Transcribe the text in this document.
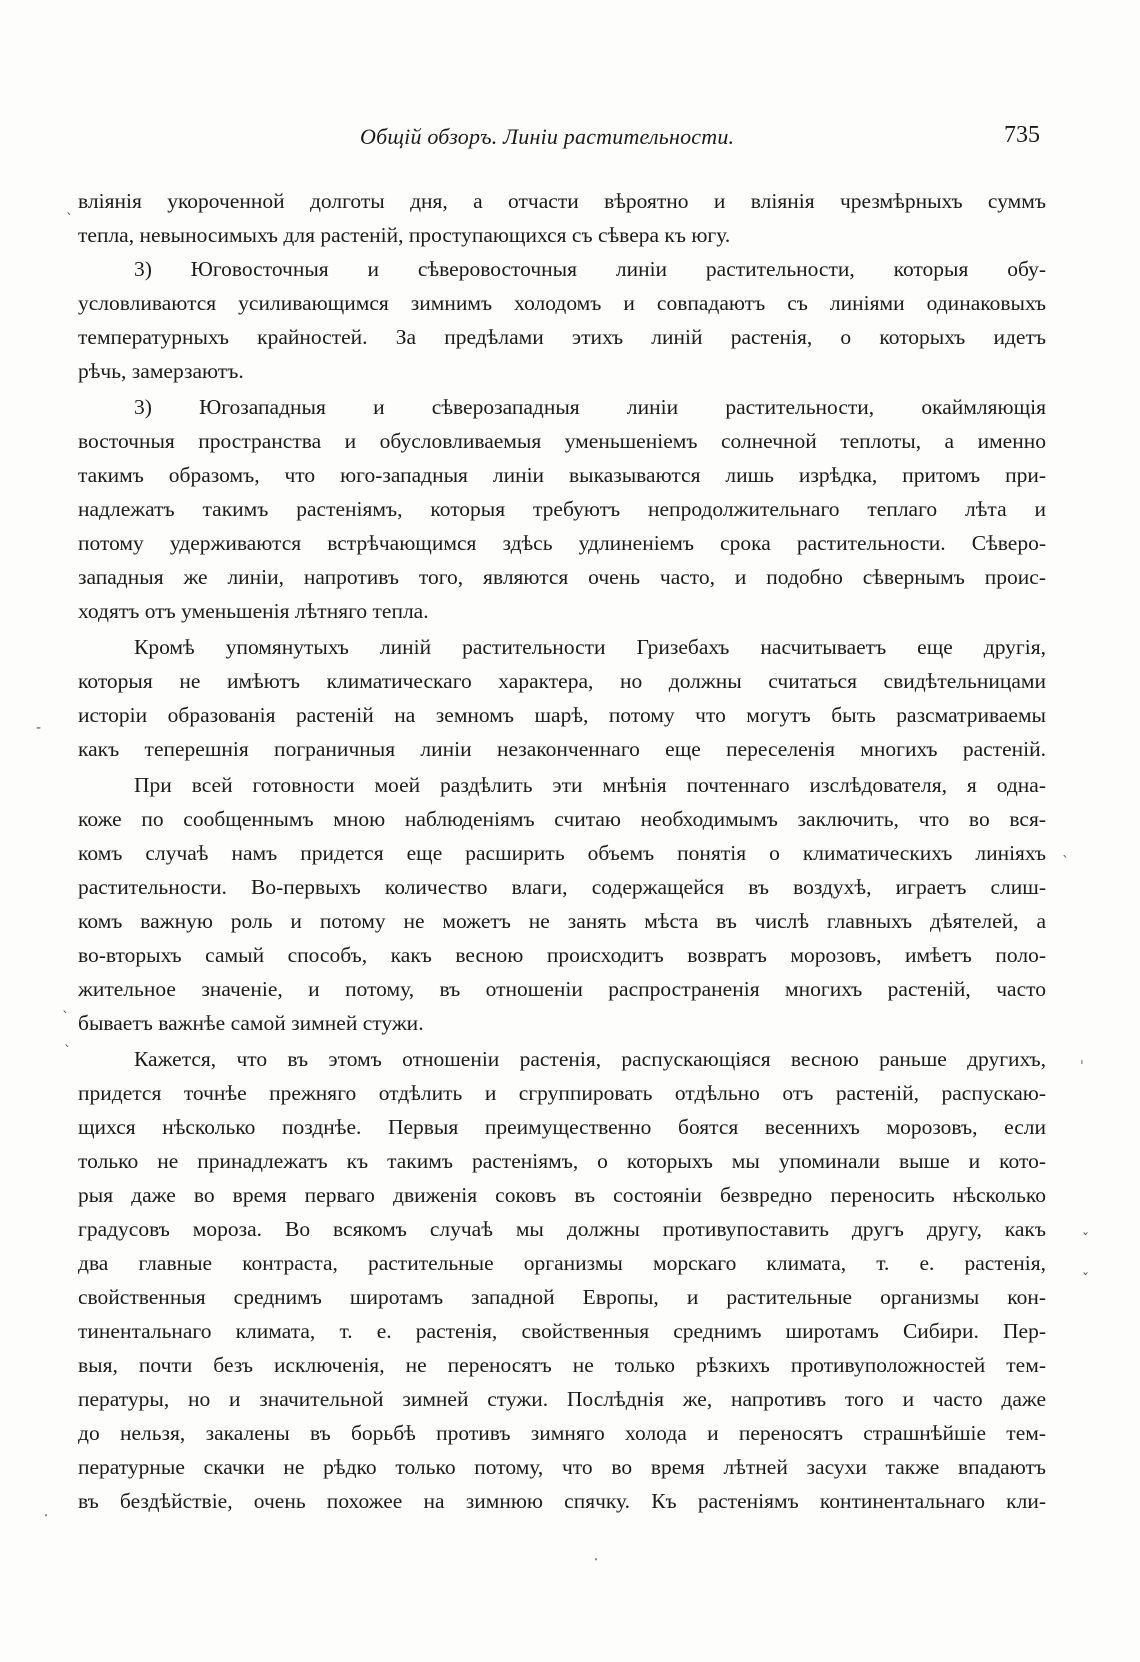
Общій обзоръ. Линіи растительности.	735
вліянія укороченной долготы дня, а отчасти вѣроятно и вліянія чрезмѣрныхъ суммъ
тепла, невыносимыхъ для растеній, проступающихся съ сѣвера къ югу.
3) Юговосточныя и сѣверовосточныя линіи растительности, которыя обу-
условливаются усиливающимся зимнимъ холодомъ и совпадаютъ съ линіями одинаковыхъ
температурныхъ крайностей. За предѣлами этихъ линій растенія, о которыхъ идетъ
рѣчь, замерзаютъ.
3) Югозападныя и сѣверозападныя линіи растительности, окаймляющія
восточныя пространства и обусловливаемыя уменьшеніемъ солнечной теплоты, а именно
такимъ образомъ, что юго-западныя линіи выказываются лишь изрѣдка, притомъ при-
надлежатъ такимъ растеніямъ, которыя требуютъ непродолжительнаго теплаго лѣта и
потому удерживаются встрѣчающимся здѣсь удлиненіемъ срока растительности. Сѣверо-
западныя же линіи, напротивъ того, являются очень часто, и подобно сѣвернымъ проис-
ходятъ отъ уменьшенія лѣтняго тепла.
Кромѣ упомянутыхъ линій растительности Гризебахъ насчитываетъ еще другія,
которыя не имѣютъ климатическаго характера, но должны считаться свидѣтельницами
исторіи образованія растеній на земномъ шарѣ, потому что могутъ быть разсматриваемы
какъ теперешнія пограничныя линіи незаконченнаго еще переселенія многихъ растеній.
При всей готовности моей раздѣлить эти мнѣнія почтеннаго изслѣдователя, я одна-
коже по сообщеннымъ мною наблюденіямъ считаю необходимымъ заключить, что во вся-
комъ случаѣ намъ придется еще расширить объемъ понятія о климатическихъ линіяхъ
растительности. Во-первыхъ количество влаги, содержащейся въ воздухѣ, играетъ слиш-
комъ важную роль и потому не можетъ не занять мѣста въ числѣ главныхъ дѣятелей, а
во-вторыхъ самый способъ, какъ весною происходитъ возвратъ морозовъ, имѣетъ поло-
жительное значеніе, и потому, въ отношеніи распространенія многихъ растеній, часто
бываетъ важнѣе самой зимней стужи.
Кажется, что въ этомъ отношеніи растенія, распускающіяся весною раньше другихъ,
придется точнѣе прежняго отдѣлить и сгруппировать отдѣльно отъ растеній, распускаю-
щихся нѣсколько позднѣе. Первыя преимущественно боятся весеннихъ морозовъ, если
только не принадлежатъ къ такимъ растеніямъ, о которыхъ мы упоминали выше и кото-
рыя даже во время перваго движенія соковъ въ состояніи безвредно переносить нѣсколько
градусовъ мороза. Во всякомъ случаѣ мы должны противупоставить другъ другу, какъ
два главные контраста, растительные организмы морскаго климата, т. е. растенія,
свойственныя среднимъ широтамъ западной Европы, и растительные организмы кон-
тинентальнаго климата, т. е. растенія, свойственныя среднимъ широтамъ Сибири. Пер-
выя, почти безъ исключенія, не переносятъ не только рѣзкихъ противуположностей тем-
пературы, но и значительной зимней стужи. Послѣднія же, напротивъ того и часто даже
до нельзя, закалены въ борьбѣ противъ зимняго холода и переносятъ страшнѣйшіе тем-
пературные скачки не рѣдко только потому, что во время лѣтней засухи также впадаютъ
въ бездѣйствіе, очень похожее на зимнюю спячку. Къ растеніямъ континентальнаго кли-
ˋ
-
ˎ
ˋ
ˋ	ˌ
ˇ
ˇ
ˑ
ˑ
